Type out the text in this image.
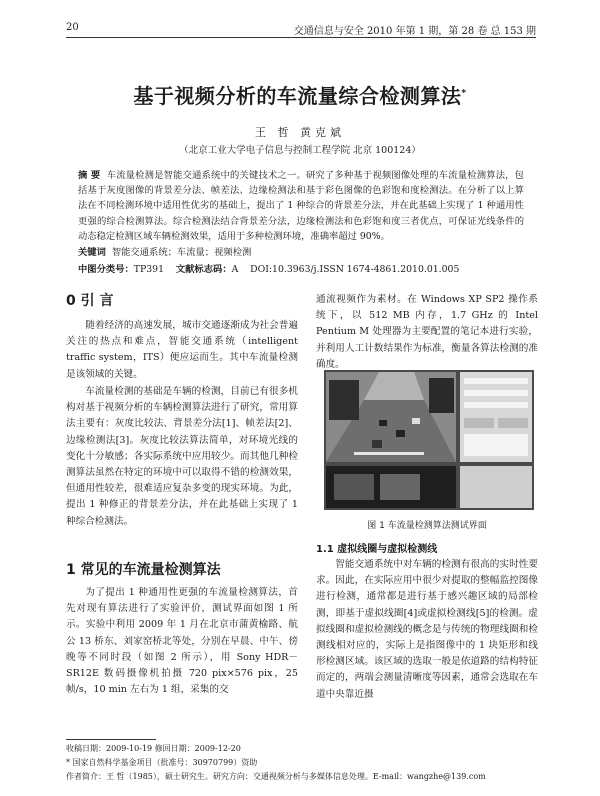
20	交通信息与安全 2010 年第 1 期，第 28 卷 总 153 期
基于视频分析的车流量综合检测算法*
王 哲 黄克斌
（北京工业大学电子信息与控制工程学院 北京 100124）
摘 要 车流量检测是智能交通系统中的关键技术之一。研究了多种基于视频图像处理的车流量检测算法，包括基于灰度图像的背景差分法、帧差法、边缘检测法和基于彩色图像的色彩饱和度检测法。在分析了以上算法在不同检测环境中适用性优劣的基础上，提出了 1 种综合的背景差分法，并在此基础上实现了 1 种通用性更强的综合检测算法。综合检测法结合背景差分法，边缘检测法和色彩饱和度三者优点，可保证光线条件的动态稳定检测区域车辆检测效果，适用于多种检测环境，准确率超过 90%。
关键词 智能交通系统；车流量；视频检测
中图分类号：TP391 文献标志码：A DOI:10.3963/j.ISSN 1674-4861.2010.01.005
0 引 言
随着经济的高速发展，城市交通逐渐成为社会普遍关注的热点和难点，智能交通系统（intelligent traffic system，ITS）便应运而生。其中车流量检测是该领域的关键。
车流量检测的基础是车辆的检测，目前已有很多机构对基于视频分析的车辆检测算法进行了研究，常用算法主要有：灰度比较法、背景差分法[1]、帧差法[2]、边缘检测法[3]。灰度比较法算法简单，对环境光线的变化十分敏感；各实际系统中应用较少。而其他几种检测算法虽然在特定的环境中可以取得不错的检测效果，但通用性较差，很难适应复杂多变的现实环境。为此，提出 1 种修正的背景差分法，并在此基础上实现了 1 种综合检测法。
1 常见的车流量检测算法
为了提出 1 种通用性更强的车流量检测算法，首先对现有算法进行了实验评价，测试界面如图 1 所示。实验中利用 2009 年 1 月在北京市蒲黄榆路、航公 13 桥东、刘家窑桥北等处，分别在早晨、中午、傍晚等不同时段（如图 2 所示），用 Sony HDR－SR12E 数码摄像机拍摄 720 pix×576 pix，25 帧/s，10 min 左右为 1 组，采集的交
通流视频作为素材。在 Windows XP SP2 操作系统下，以 512 MB 内存，1.7 GHz 的 Intel Pentium M 处理器为主要配置的笔记本进行实验，并利用人工计数结果作为标准，衡量各算法检测的准确度。
图 1 车流量检测算法测试界面
1.1 虚拟线圈与虚拟检测线
智能交通系统中对车辆的检测有很高的实时性要求。因此，在实际应用中很少对提取的整幅监控图像进行检测，通常都是进行基于感兴趣区域的局部检测，即基于虚拟线圈[4]或虚拟检测线[5]的检测。虚拟线圈和虚拟检测线的概念是与传统的物理线圈和检测线相对应的，实际上是指图像中的 1 块矩形和线形检测区域。该区域的选取一般是依道路的结构特征而定的，两端会测量清晰度等因素，通常会选取在车道中央靠近摄
收稿日期：2009-10-19 修回日期：2009-12-20
* 国家自然科学基金项目（批准号：30970799）资助
作者简介：王 哲（1985），硕士研究生。研究方向：交通视频分析与多媒体信息处理。E-mail：wangzhe@139.com
